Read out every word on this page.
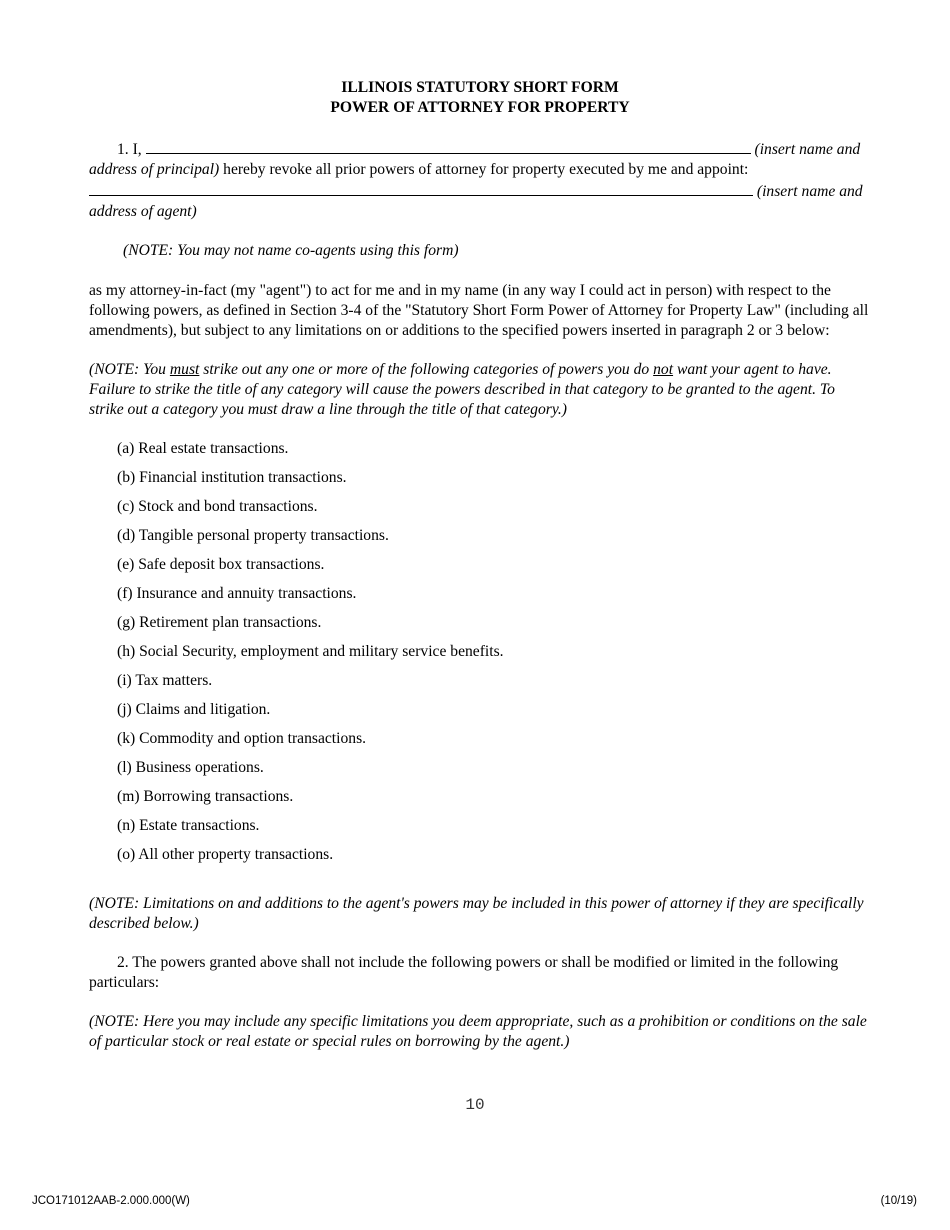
ILLINOIS STATUTORY SHORT FORM

POWER OF ATTORNEY FOR PROPERTY

1. I,	(insert name and address of principal) hereby revoke all prior powers of attorney for property executed by me and appoint:  (insert name and address of agent)

(NOTE: You may not name co-agents using this form)

as my attorney-in-fact (my "agent") to act for me and in my name (in any way I could act in person) with respect to the following powers, as defined in Section 3‑4 of the "Statutory Short Form Power of Attorney for Property Law" (including all amendments), but subject to any limitations on or additions to the specified powers inserted in paragraph 2 or 3 below:

(NOTE: You must strike out any one or more of the following categories of powers you do not want your agent to have. Failure to strike the title of any category will cause the powers described in that category to be granted to the agent. To strike out a category you must draw a line through the title of that category.)

(a) Real estate transactions.
(b) Financial institution transactions.
(c) Stock and bond transactions.
(d) Tangible personal property transactions.
(e) Safe deposit box transactions.
(f) Insurance and annuity transactions.
(g) Retirement plan transactions.
(h) Social Security, employment and military service benefits.
(i) Tax matters.
(j) Claims and litigation.
(k) Commodity and option transactions.
(l) Business operations.
(m) Borrowing transactions.
(n) Estate transactions.
(o) All other property transactions.

(NOTE: Limitations on and additions to the agent's powers may be included in this power of attorney if they are specifically described below.)

2. The powers granted above shall not include the following powers or shall be modified or limited in the following particulars:

(NOTE: Here you may include any specific limitations you deem appropriate, such as a prohibition or conditions on the sale of particular stock or real estate or special rules on borrowing by the agent.)

10
JCO171012AAB-2.000.000(W)	(10/19)
